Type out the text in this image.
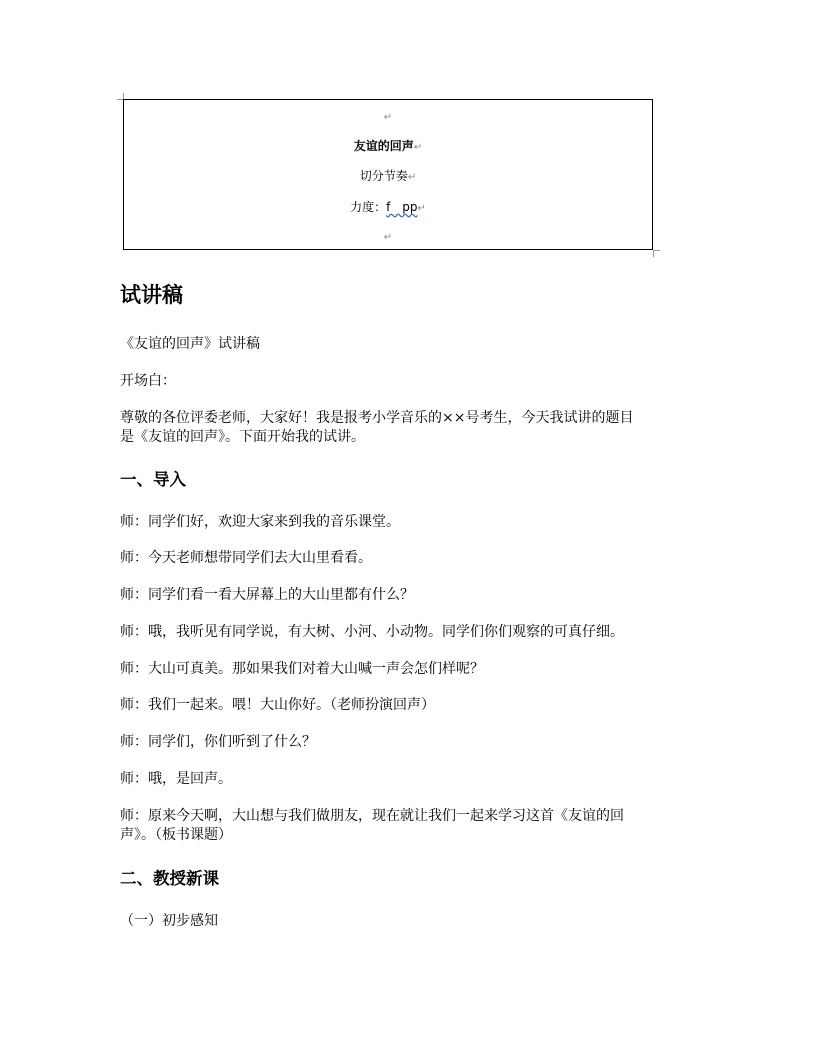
↵
友谊的回声↵
切分节奏↵
力度：f　pp↵
↵
试讲稿

《友谊的回声》试讲稿

开场白：

尊敬的各位评委老师，大家好！我是报考小学音乐的××号考生，今天我试讲的题目

是《友谊的回声》。下面开始我的试讲。

一、导入

师：同学们好，欢迎大家来到我的音乐课堂。

师：今天老师想带同学们去大山里看看。

师：同学们看一看大屏幕上的大山里都有什么？

师：哦，我听见有同学说，有大树、小河、小动物。同学们你们观察的可真仔细。

师：大山可真美。那如果我们对着大山喊一声会怎们样呢？

师：我们一起来。喂！大山你好。（老师扮演回声）

师：同学们，你们听到了什么？

师：哦，是回声。

师：原来今天啊，大山想与我们做朋友，现在就让我们一起来学习这首《友谊的回

声》。（板书课题）

二、教授新课

（一）初步感知
